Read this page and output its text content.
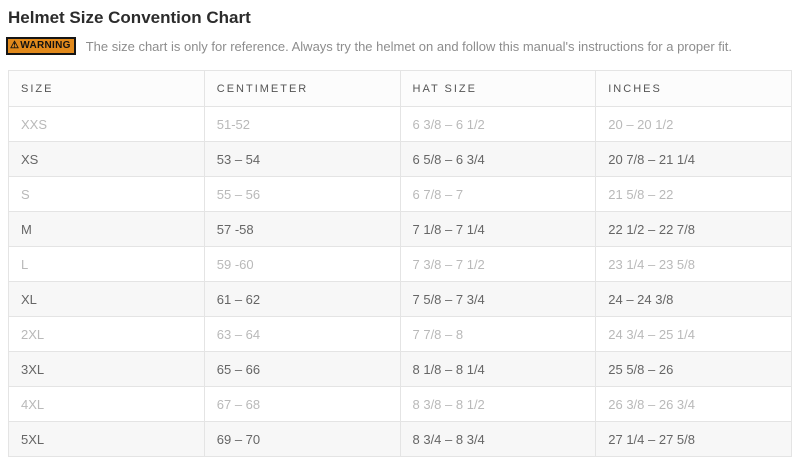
Helmet Size Convention Chart
⚠ WARNING The size chart is only for reference. Always try the helmet on and follow this manual's instructions for a proper fit.
SIZE	CENTIMETER	HAT SIZE	INCHES
XXS	51-52	6 3/8 – 6 1/2	20 – 20 1/2
XS	53 – 54	6 5/8 – 6 3/4	20 7/8 – 21 1/4
S	55 – 56	6 7/8 – 7	21 5/8 – 22
M	57 -58	7 1/8 – 7 1/4	22 1/2 – 22 7/8
L	59 -60	7 3/8 – 7 1/2	23 1/4 – 23 5/8
XL	61 – 62	7 5/8 – 7 3/4	24 – 24 3/8
2XL	63 – 64	7 7/8 – 8	24 3/4 – 25 1/4
3XL	65 – 66	8 1/8 – 8 1/4	25 5/8 – 26
4XL	67 – 68	8 3/8 – 8 1/2	26 3/8 – 26 3/4
5XL	69 – 70	8 3/4 – 8 3/4	27 1/4 – 27 5/8
